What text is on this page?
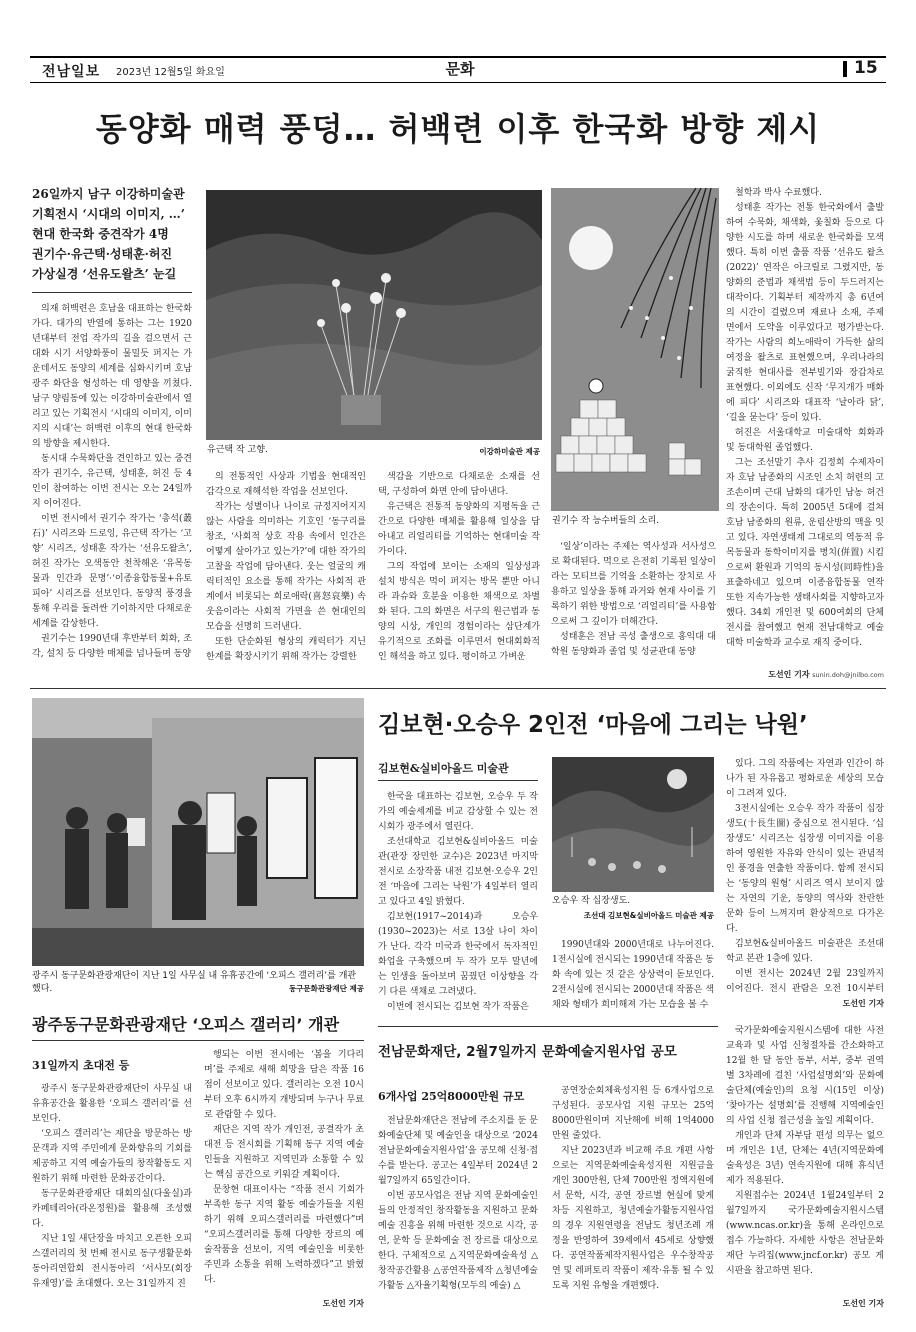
전남일보 2023년 12월5일 화요일	문화	15
동양화 매력 풍덩… 허백련 이후 한국화 방향 제시

26일까지 남구 이강하미술관

기획전시 ‘시대의 이미지, …’

현대 한국화 중견작가 4명

권기수·유근택·성태훈·허진

가상실경 ‘선유도왈츠’ 눈길

유근택 작 고향.	이강하미술관 제공
권기수 작 능수버들의 소리.

의재 허백련은 호남을 대표하는 한국화가다. 대가의 반열에 통하는 그는 1920년대부터 전업 작가의 길을 걸으면서 근대화 시기 서양화풍이 물밀듯 퍼지는 가운데서도 동양의 세계를 심화시키며 호남 광주 화단을 형성하는 데 영향을 끼쳤다. 남구 양림동에 있는 이강하미술관에서 열리고 있는 기획전시 ‘시대의 이미지, 이미지의 시대’는 허백련 이후의 현대 한국화의 방향을 제시한다.

동시대 수묵화단을 견인하고 있는 중견작가 권기수, 유근택, 성태훈, 허진 등 4인이 참여하는 이번 전시는 오는 24일까지 이어진다.

이번 전시에서 권기수 작가는 ‘총석(叢石)’ 시리즈와 드로잉, 유근택 작가는 ‘고향’ 시리즈, 성태훈 작가는 ‘선유도왈츠’, 허진 작가는 오색동안 천착해온 ‘유목동물과 인간과 문명’·‘이종융합동물+유토피아’ 시리즈를 선보인다. 동양적 풍경을 통해 우리를 돌려싼 기이하지만 다채로운 세계를 감상한다.

권기수는 1990년대 후반부터 회화, 조각, 설치 등 다양한 매체를 넘나들며 동양

의 전통적인 사상과 기법을 현대적인 감각으로 재해석한 작업을 선보인다.

작가는 성별이나 나이로 규정지어지지 않는 사람을 의미하는 기호인 ‘동구리를 창조, ‘사회적 상호 작용 속에서 인간은 어떻게 살아가고 있는가?’에 대한 작가의 고찰을 작업에 담아낸다. 웃는 얼굴의 캐릭터적인 요소를 통해 작가는 사회적 관계에서 비롯되는 희로애락(喜怒哀樂) 속 웃음이라는 사회적 가면을 쓴 현대인의 모습을 선명히 드러낸다.

또한 단순화된 형상의 캐릭터가 지닌 한계를 확장시키기 위해 작가는 강렬한

색감을 기반으로 다채로운 소재를 선택, 구성하여 화면 안에 담아낸다.

유근택은 전통적 동양화의 지평독을 근간으로 다양한 매체를 활용해 일상을 담아내고 리얼리티를 기억하는 현대미술 작가이다.

그의 작업에 보이는 소재의 일상성과 설치 방식은 먹이 퍼지는 방목 뿐만 아니라 과슈와 호분을 이용한 채색으로 차별화 된다. 그의 화면은 서구의 원근법과 동양의 시상, 개인의 경험이라는 삼단계가 유기적으로 조화를 이루면서 현대회화적인 해석을 하고 있다. 평이하고 가벼운

‘일상’이라는 주제는 역사성과 서사성으로 확대된다. 먹으로 은전히 기록된 일상이라는 모티브를 기억을 소환하는 장치로 사용하고 일상을 통해 과거와 현재 사이를 기록하기 위한 방법으로 ‘리얼리티’를 사용함으로써 그 깊이가 더해간다.

성태훈은 전남 곡성 출생으로 홍익대 대학원 동양화과 졸업 및 성균관대 동양

철학과 박사 수료했다.

성태훈 작가는 전통 한국화에서 출발하여 수묵화, 채색화, 옻칠화 등으로 다양한 시도를 하며 새로운 한국화를 모색했다. 특히 이번 출품 작품 ‘선유도 왈츠(2022)’ 연작은 아크릴로 그렸지만, 동양화의 준법과 채색법 등이 두드러지는 대작이다. 기획부터 제작까지 총 6년여의 시간이 걸렸으며 재료나 소재, 주제 면에서 도약을 이루었다고 평가받는다. 작가는 사람의 희노애락이 가득한 삶의 여정을 왈츠로 표현했으며, 우리나라의 굵직한 현대사를 전부빌기와 장갑차로 표현했다. 이외에도 신작 ‘무지개가 매화에 피다’ 시리즈와 대표작 ‘날아라 닭’, ‘길을 묻는다’ 등이 있다.

허진은 서울대학교 미술대학 회화과 및 동대학원 졸업했다.

그는 조선말기 추사 김정희 수제자이자 호남 남종화의 시조인 소치 허련의 고조손이며 근대 남화의 대가인 남농 허건의 장손이다. 특히 2005년 5대에 걸쳐 호남 남종화의 원류, 운림산방의 맥을 잇고 있다. 자연생태계 그대로의 역동적 유목동물과 동학이미지를 병치(倂置) 시킴으로써 환원과 기억의 동시성(同時性)을 표출하네고 있으며 이종융합동물 연작 또한 지속가능한 생태사회를 지향하고자 했다. 34회 개인전 및 600여회의 단체전시를 참여했고 현재 전남대학교 예술대학 미술학과 교수로 재직 중이다.

도선인 기자 sunin.doh@jnilbo.com
광주시 동구문화관광재단이 지난 1일 사무실 내 유휴공간에 ‘오피스 갤러리’를 개관했다.	동구문화관광재단 제공
김보현·오승우 2인전 ‘마음에 그리는 낙원’
김보현&실비아올드 미술관

한국을 대표하는 김보현, 오승우 두 작가의 예술세계를 비교 감상할 수 있는 전시회가 광주에서 열린다.

조선대학교 김보현&실비아올드 미술관(관장 장민한 교수)은 2023년 마지막 전시로 소장작품 내전 김보현·오승우 2인전 ‘마음에 그리는 낙원’가 4일부터 열리고 있다고 4일 밝혔다.

김보현(1917~2014)과 오승우(1930~2023)는 서로 13살 나이 차이가 난다. 각각 미국과 한국에서 독자적인 화업을 구축했으며 두 작가 모두 말년에는 인생을 돌아보며 꿈꿨던 이상향을 각기 다른 색채로 그려냈다.

이번에 전시되는 김보현 작가 작품은

오승우 작 십장생도.
조선대 김보현&실비아올드 미술관 제공

1990년대와 2000년대로 나누어진다. 1전시실에 전시되는 1990년대 작품은 동화 속에 있는 것 같은 상상력이 돋보인다. 2전시실에 전시되는 2000년대 작품은 색채와 형태가 희미해져 가는 모습을 볼 수

있다. 그의 작품에는 자연과 인간이 하나가 된 자유롭고 평화로운 세상의 모습이 그려져 있다.

3전시실에는 오승우 작가 작품이 십장생도(十長生圖) 중심으로 전시된다. ‘십장생도’ 시리즈는 십장생 이미지를 이용하여 영원한 자유와 안식이 있는 관념적인 풍경을 연출한 작품이다. 함께 전시되는 ‘동양의 원형’ 시리즈 역시 보이지 않는 자연의 기운, 동양의 역사와 찬란한 문화 등이 느껴지며 환상적으로 다가온다.

김보현&실비아올드 미술관은 조선대학교 본관 1층에 있다.

이번 전시는 2024년 2월 23일까지 이어진다. 전시 관람은 오전 10시부터

도선인 기자
광주동구문화관광재단 ‘오피스 갤러리’ 개관
31일까지 초대전 등

광주시 동구문화관광재단이 사무실 내 유휴공간을 활용한 ‘오피스 갤러리’를 선보인다.

‘오피스 갤러리’는 재단을 방문하는 방문객과 지역 주민에게 문화향유의 기회를 제공하고 지역 예술가들의 창작활동도 지원하기 위해 마련한 문화공간이다.

동구문화관광재단 대회의실(다울실)과 카페테리아(라온정원)를 활용해 조성했다.

지난 1일 새단장을 마치고 오픈한 오피스갤러리의 첫 번째 전시로 동구생활문화동아리연합회 전시동아리 ‘서사모(회장 유재영)’를 초대했다. 오는 31일까지 진

행되는 이번 전시에는 ‘봄을 기다리며’를 주제로 새해 희망을 담은 작품 16점이 선보이고 있다. 갤러리는 오전 10시부터 오후 6시까지 개방되며 누구나 무료로 관람할 수 있다.

재단은 지역 작가 개인전, 공결작가 초대전 등 전시회를 기획해 동구 지역 예술인들을 지원하고 지역민과 소통할 수 있는 핵심 공간으로 키워갈 계획이다.

문창현 대표이사는 “작품 전시 기회가 부족한 동구 지역 활동 예술가들을 지원하기 위해 오피스갤러리를 마련했다”며 “오피스갤러리를 통해 다양한 장르의 예술작품을 선보이, 지역 예술인을 비롯한 주민과 소통을 위해 노력하겠다”고 밝혔다.

도선인 기자
전남문화재단, 2월7일까지 문화예술지원사업 공모
6개사업 25억8000만원 규모

전남문화재단은 전남에 주소지를 둔 문화예술단체 및 예술인을 대상으로 ‘2024 전남문화예술지원사업’을 공모해 신청·접수를 받는다. 공고는 4일부터 2024년 2월7일까지 65일간이다.

이번 공모사업은 전남 지역 문화예술인들의 안정적인 창작활동을 지원하고 문화예술 진흥을 위해 마련한 것으로 시각, 공연, 문학 등 문화예술 전 장르를 대상으로 한다. 구체적으로 △지역문화예술육성 △창작공간활용 △공연작품제작 △청년예술가활동 △자율기획형(모두의 예술) △

공연장순회체육성지원 등 6개사업으로 구성된다. 공모사업 지원 규모는 25억8000만원이며 지난해에 비해 1억4000만원 줄었다.

지난 2023년과 비교해 주요 개편 사항으로는 지역문화예술육성지원 지원금을 개인 300만원, 단체 700만원 정액지원에서 문학, 시각, 공연 장르별 현실에 맞게 차등 지원하고, 청년예술가활동지원사업의 경우 지원연령을 전남도 청년조례 개정을 반영하여 39세에서 45세로 상향했다. 공연작품제작지원사업은 우수창작공연 및 레퍼토리 작품이 제작·유통 될 수 있도록 지원 유형을 개편했다.

국가문화예술지원시스템에 대한 사전교육과 및 사업 신청절차를 간소화하고 12월 한 달 동안 동부, 서부, 중부 권역별 3차례에 걸친 ‘사업설명회’와 문화예술단체(예술인)의 요청 시(15인 이상) ‘찾아가는 설명회’를 진행해 지역예술인의 사업 신청 접근성을 높일 계획이다.

개인과 단체 자부담 편성 의무는 없으며 개인은 1년, 단체는 4년(지역문화예술육성은 3년) 연속지원에 대해 휴식년제가 적용된다.

지원접수는 2024년 1월24일부터 2월7일까지 국가문화예술지원시스템(www.ncas.or.kr)을 통해 온라인으로 접수 가능하다. 자세한 사항은 전남문화재단 누리집(www.jncf.or.kr) 공모 게시판을 참고하면 된다.

도선인 기자
